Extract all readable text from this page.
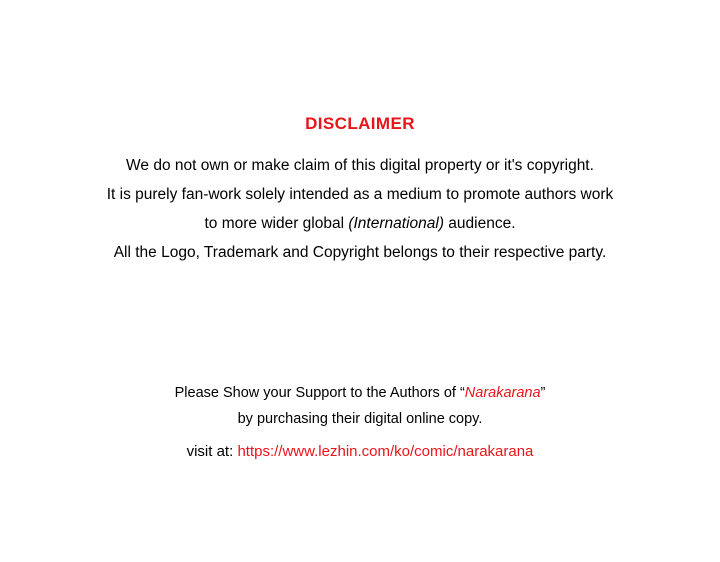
DISCLAIMER
We do not own or make claim of this digital property or it's copyright.
It is purely fan-work solely intended as a medium to promote authors work
to more wider global (International) audience.
All the Logo, Trademark and Copyright belongs to their respective party.
Please Show your Support to the Authors of “Narakarana”
by purchasing their digital online copy.
visit at: https://www.lezhin.com/ko/comic/narakarana
